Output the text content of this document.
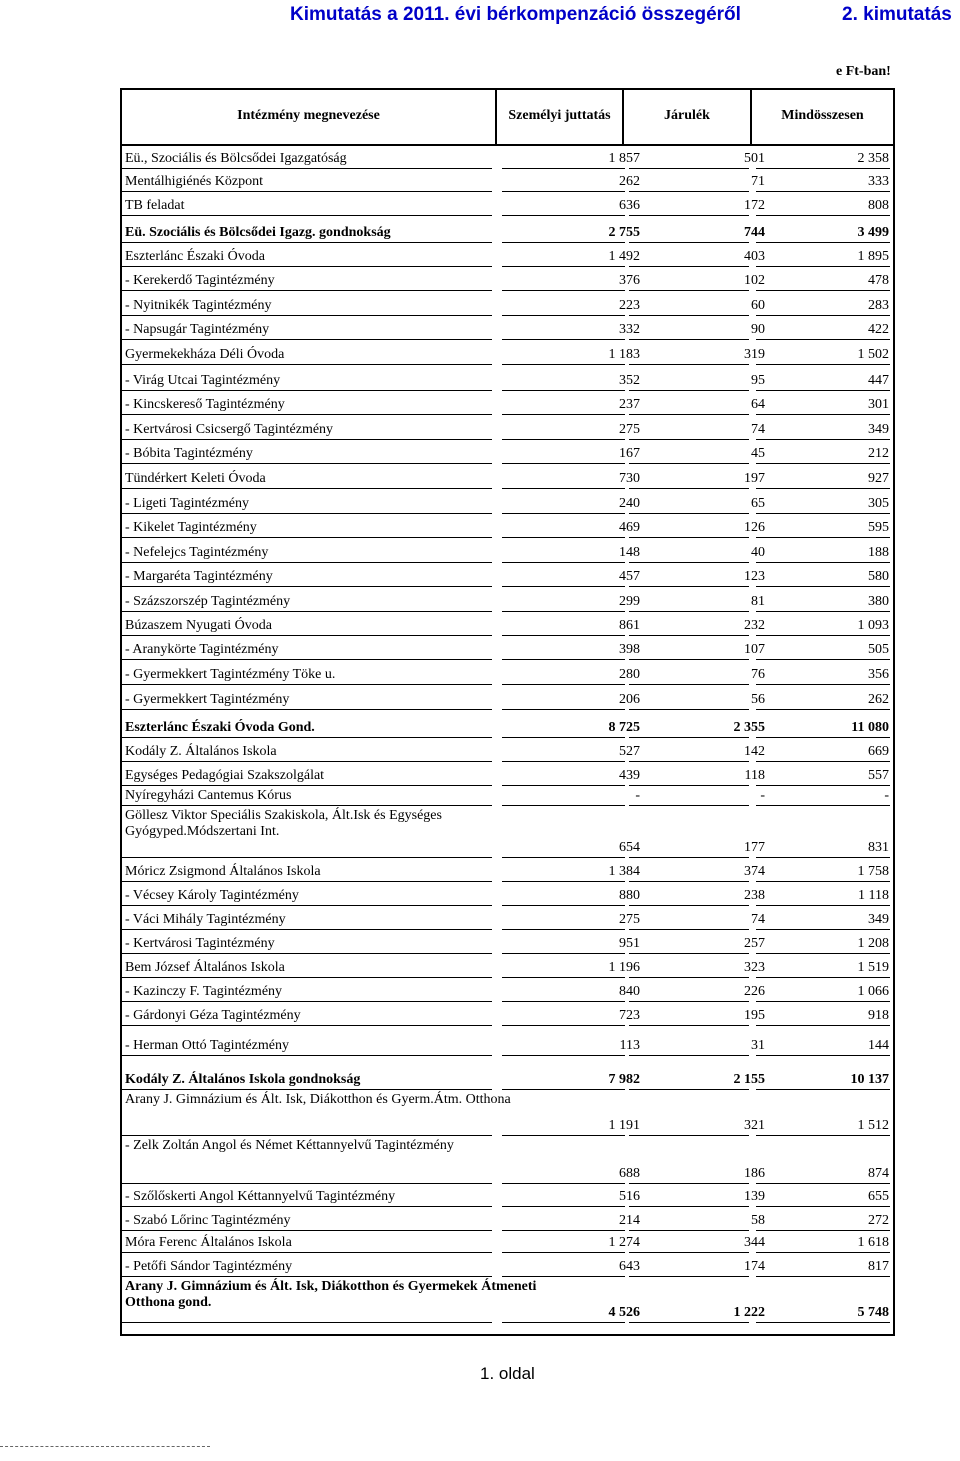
Kimutatás a 2011. évi bérkompenzáció összegéről	2. kimutatás
e Ft-ban!
Intézmény megnevezése	Személyi juttatás	Járulék	Mindösszesen
Eü., Szociális és Bölcsődei Igazgatóság	1 857	501	2 358
Mentálhigiénés Központ	262	71	333
TB feladat	636	172	808
Eü. Szociális és Bölcsődei Igazg. gondnokság	2 755	744	3 499
Eszterlánc Északi Óvoda	1 492	403	1 895
- Kerekerdő Tagintézmény	376	102	478
- Nyitnikék Tagintézmény	223	60	283
- Napsugár Tagintézmény	332	90	422
Gyermekekháza Déli Óvoda	1 183	319	1 502
- Virág Utcai Tagintézmény	352	95	447
- Kincskereső Tagintézmény	237	64	301
- Kertvárosi Csicsergő Tagintézmény	275	74	349
- Bóbita Tagintézmény	167	45	212
Tündérkert Keleti Óvoda	730	197	927
- Ligeti Tagintézmény	240	65	305
- Kikelet Tagintézmény	469	126	595
- Nefelejcs Tagintézmény	148	40	188
- Margaréta Tagintézmény	457	123	580
- Százszorszép Tagintézmény	299	81	380
Búzaszem Nyugati Óvoda	861	232	1 093
- Aranykörte Tagintézmény	398	107	505
- Gyermekkert Tagintézmény Töke u.	280	76	356
- Gyermekkert Tagintézmény	206	56	262
Eszterlánc Északi Óvoda Gond.	8 725	2 355	11 080
Kodály Z. Általános Iskola	527	142	669
Egységes Pedagógiai Szakszolgálat	439	118	557
Nyíregyházi Cantemus Kórus	-	-	-
Göllesz Viktor Speciális Szakiskola, Ált.Isk és Egységes Gyógyped.Módszertani Int.
654	177	831
Móricz Zsigmond Általános Iskola	1 384	374	1 758
- Vécsey Károly Tagintézmény	880	238	1 118
- Váci Mihály Tagintézmény	275	74	349
- Kertvárosi Tagintézmény	951	257	1 208
Bem József Általános Iskola	1 196	323	1 519
- Kazinczy F. Tagintézmény	840	226	1 066
- Gárdonyi Géza Tagintézmény	723	195	918
- Herman Ottó Tagintézmény	113	31	144
Kodály Z. Általános Iskola gondnokság	7 982	2 155	10 137
Arany J. Gimnázium és Ált. Isk, Diákotthon és Gyerm.Átm. Otthona
1 191	321	1 512
- Zelk Zoltán Angol és Német Kéttannyelvű Tagintézmény
688	186	874
- Szőlőskerti Angol Kéttannyelvű Tagintézmény	516	139	655
- Szabó Lőrinc Tagintézmény	214	58	272
Móra Ferenc Általános Iskola	1 274	344	1 618
- Petőfi Sándor Tagintézmény	643	174	817
Arany J. Gimnázium és Ált. Isk, Diákotthon és Gyermekek Átmeneti Otthona gond.
4 526	1 222	5 748
1. oldal
